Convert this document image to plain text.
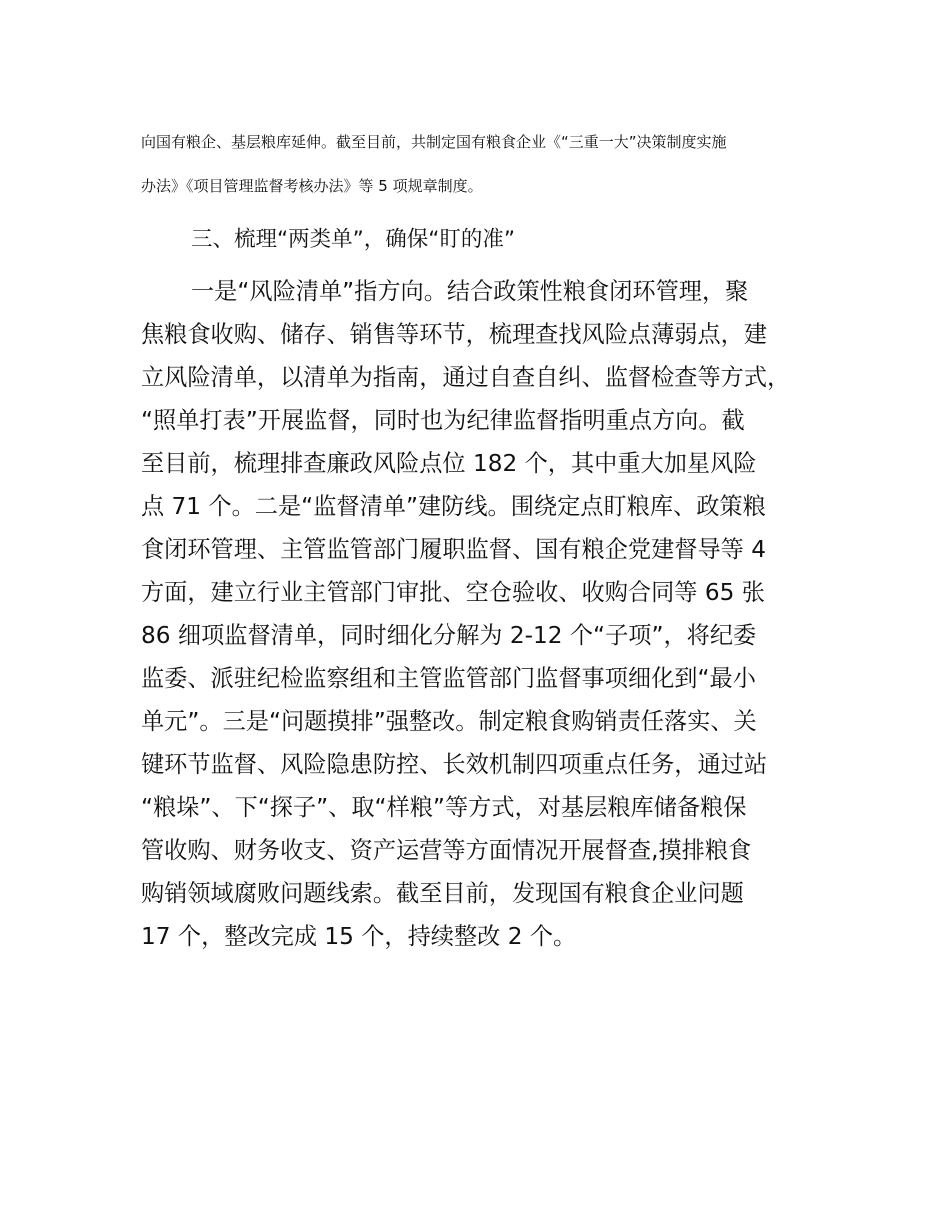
向国有粮企、基层粮库延伸。截至目前，共制定国有粮食企业《“三重一大”决策制度实施

办法》《项目管理监督考核办法》等 5 项规章制度。

三、梳理“两类单”，确保“盯的准”

一是“风险清单”指方向。结合政策性粮食闭环管理，聚

焦粮食收购、储存、销售等环节，梳理查找风险点薄弱点，建

立风险清单，以清单为指南，通过自查自纠、监督检查等方式，

“照单打表”开展监督，同时也为纪律监督指明重点方向。截

至目前，梳理排查廉政风险点位 182 个，其中重大加星风险

点 71 个。二是“监督清单”建防线。围绕定点盯粮库、政策粮

食闭环管理、主管监管部门履职监督、国有粮企党建督导等 4

方面，建立行业主管部门审批、空仓验收、收购合同等 65 张

86 细项监督清单，同时细化分解为 2-12 个“子项”，将纪委

监委、派驻纪检监察组和主管监管部门监督事项细化到“最小

单元”。三是“问题摸排”强整改。制定粮食购销责任落实、关

键环节监督、风险隐患防控、长效机制四项重点任务，通过站

“粮垛”、下“探子”、取“样粮”等方式，对基层粮库储备粮保

管收购、财务收支、资产运营等方面情况开展督查,摸排粮食

购销领域腐败问题线索。截至目前，发现国有粮食企业问题

17 个，整改完成 15 个，持续整改 2 个。
